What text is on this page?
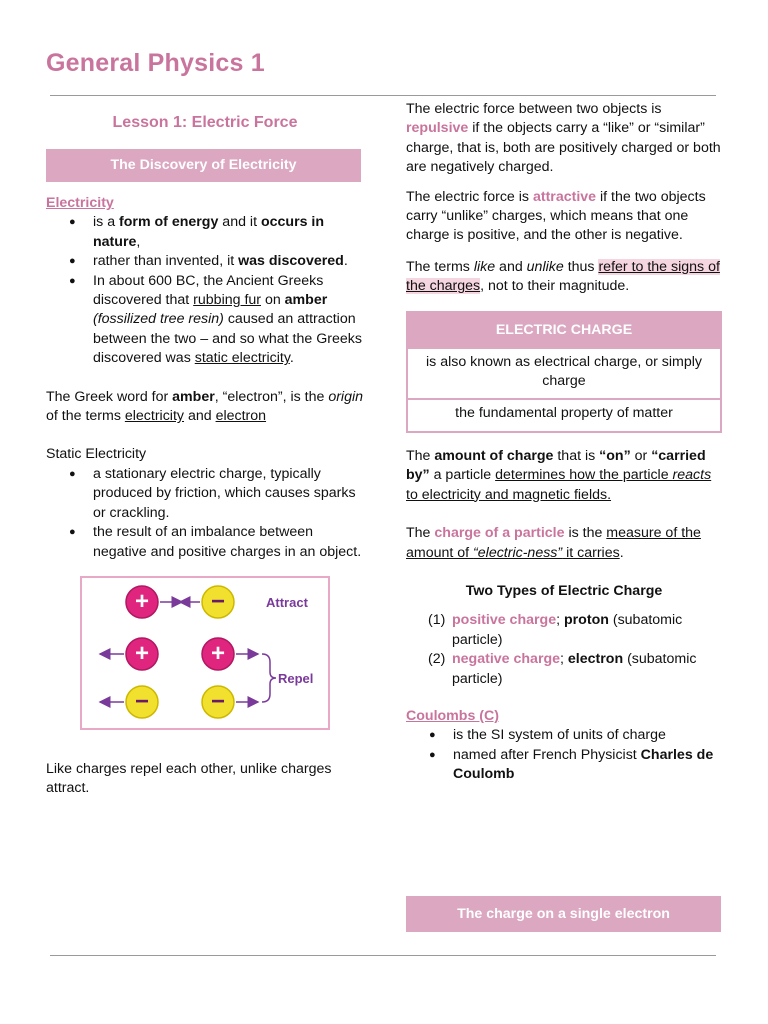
General Physics 1
Lesson 1: Electric Force
The Discovery of Electricity
Electricity
● is a form of energy and it occurs in nature,
● rather than invented, it was discovered.
● In about 600 BC, the Ancient Greeks discovered that rubbing fur on amber (fossilized tree resin) caused an attraction between the two – and so what the Greeks discovered was static electricity.

The Greek word for amber, “electron”, is the origin of the terms electricity and electron

Static Electricity

● a stationary electric charge, typically produced by friction, which causes sparks or crackling.
● the result of an imbalance between negative and positive charges in an object.
+	−	Attract
+	+
−	−
Repel

Like charges repel each other, unlike charges attract.

The electric force between two objects is repulsive if the objects carry a “like” or “similar” charge, that is, both are positively charged or both are negatively charged.

The electric force is attractive if the two objects carry “unlike” charges, which means that one charge is positive, and the other is negative.

The terms like and unlike thus refer to the signs of the charges, not to their magnitude.

ELECTRIC CHARGE
is also known as electrical charge, or simply charge
the fundamental property of matter

The amount of charge that is “on” or “carried by” a particle determines how the particle reacts to electricity and magnetic fields.

The charge of a particle is the measure of the amount of “electric-ness” it carries.

Two Types of Electric Charge

(1) positive charge; proton (subatomic particle)
(2) negative charge; electron (subatomic particle)
Coulombs (C)
● is the SI system of units of charge
● named after French Physicist Charles de Coulomb
The charge on a single electron
